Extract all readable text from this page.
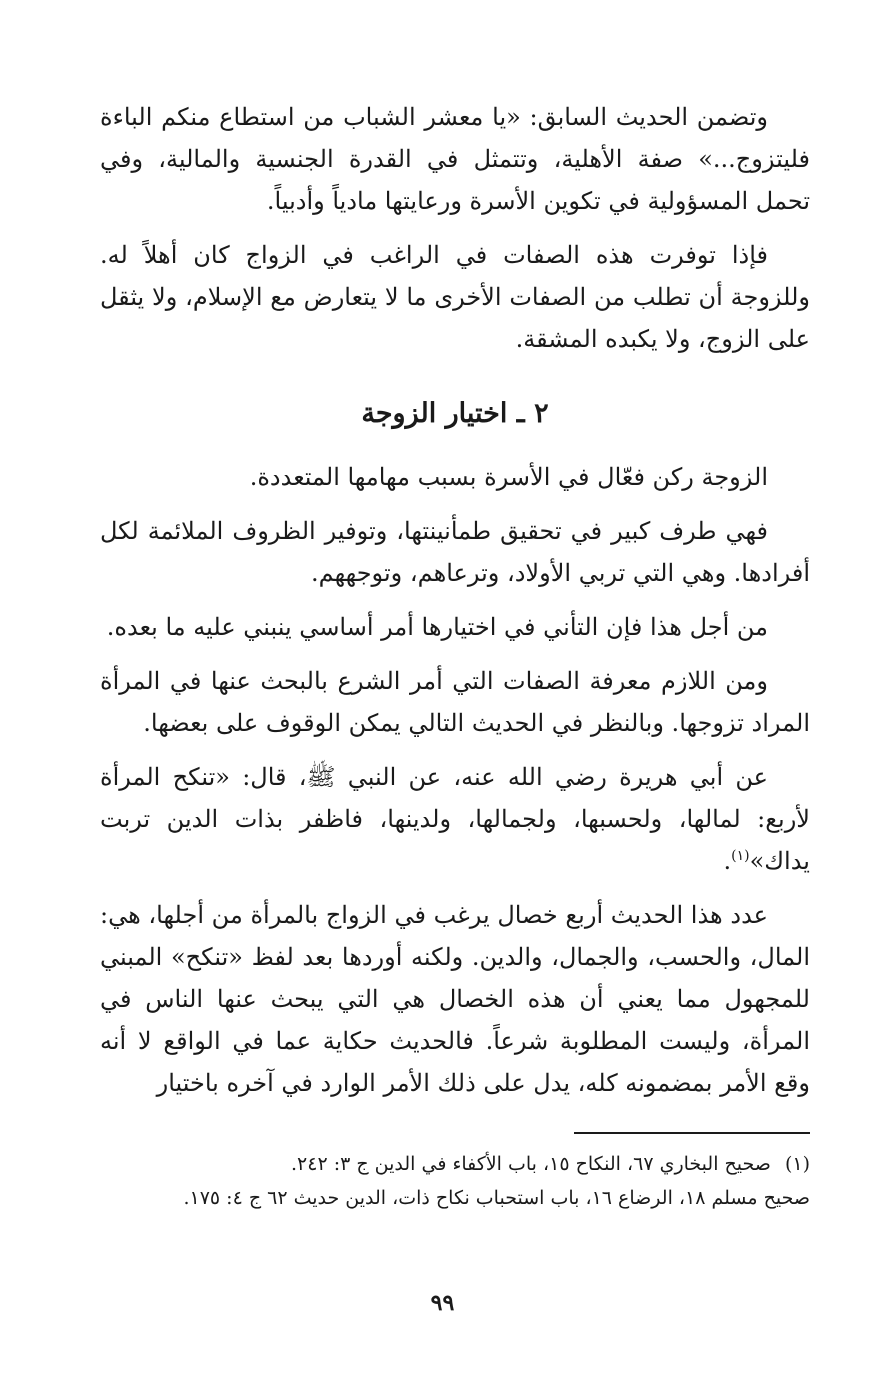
وتضمن الحديث السابق: «يا معشر الشباب من استطاع منكم الباءة فليتزوج...» صفة الأهلية، وتتمثل في القدرة الجنسية والمالية، وفي تحمل المسؤولية في تكوين الأسرة ورعايتها مادياً وأدبياً.

فإذا توفرت هذه الصفات في الراغب في الزواج كان أهلاً له. وللزوجة أن تطلب من الصفات الأخرى ما لا يتعارض مع الإسلام، ولا يثقل على الزوج، ولا يكبده المشقة.

٢ ـ اختيار الزوجة

الزوجة ركن فعّال في الأسرة بسبب مهامها المتعددة.

فهي طرف كبير في تحقيق طمأنينتها، وتوفير الظروف الملائمة لكل أفرادها. وهي التي تربي الأولاد، وترعاهم، وتوجههم.

من أجل هذا فإن التأني في اختيارها أمر أساسي ينبني عليه ما بعده.

ومن اللازم معرفة الصفات التي أمر الشرع بالبحث عنها في المرأة المراد تزوجها. وبالنظر في الحديث التالي يمكن الوقوف على بعضها.

عن أبي هريرة رضي الله عنه، عن النبي ﷺ، قال: «تنكح المرأة لأربع: لمالها، ولحسبها، ولجمالها، ولدينها، فاظفر بذات الدين تربت يداك»$^{(١)}$.

عدد هذا الحديث أربع خصال يرغب في الزواج بالمرأة من أجلها، هي: المال، والحسب، والجمال، والدين. ولكنه أوردها بعد لفظ «تنكح» المبني للمجهول مما يعني أن هذه الخصال هي التي يبحث عنها الناس في المرأة، وليست المطلوبة شرعاً. فالحديث حكاية عما في الواقع لا أنه وقع الأمر بمضمونه كله، يدل على ذلك الأمر الوارد في آخره باختيار

(١)صحيح البخاري ٦٧، النكاح ١٥، باب الأكفاء في الدين ج ٣: ٢٤٢.

صحيح مسلم ١٨، الرضاع ١٦، باب استحباب نكاح ذات، الدين حديث ٦٢ ج ٤: ١٧٥.

٩٩
